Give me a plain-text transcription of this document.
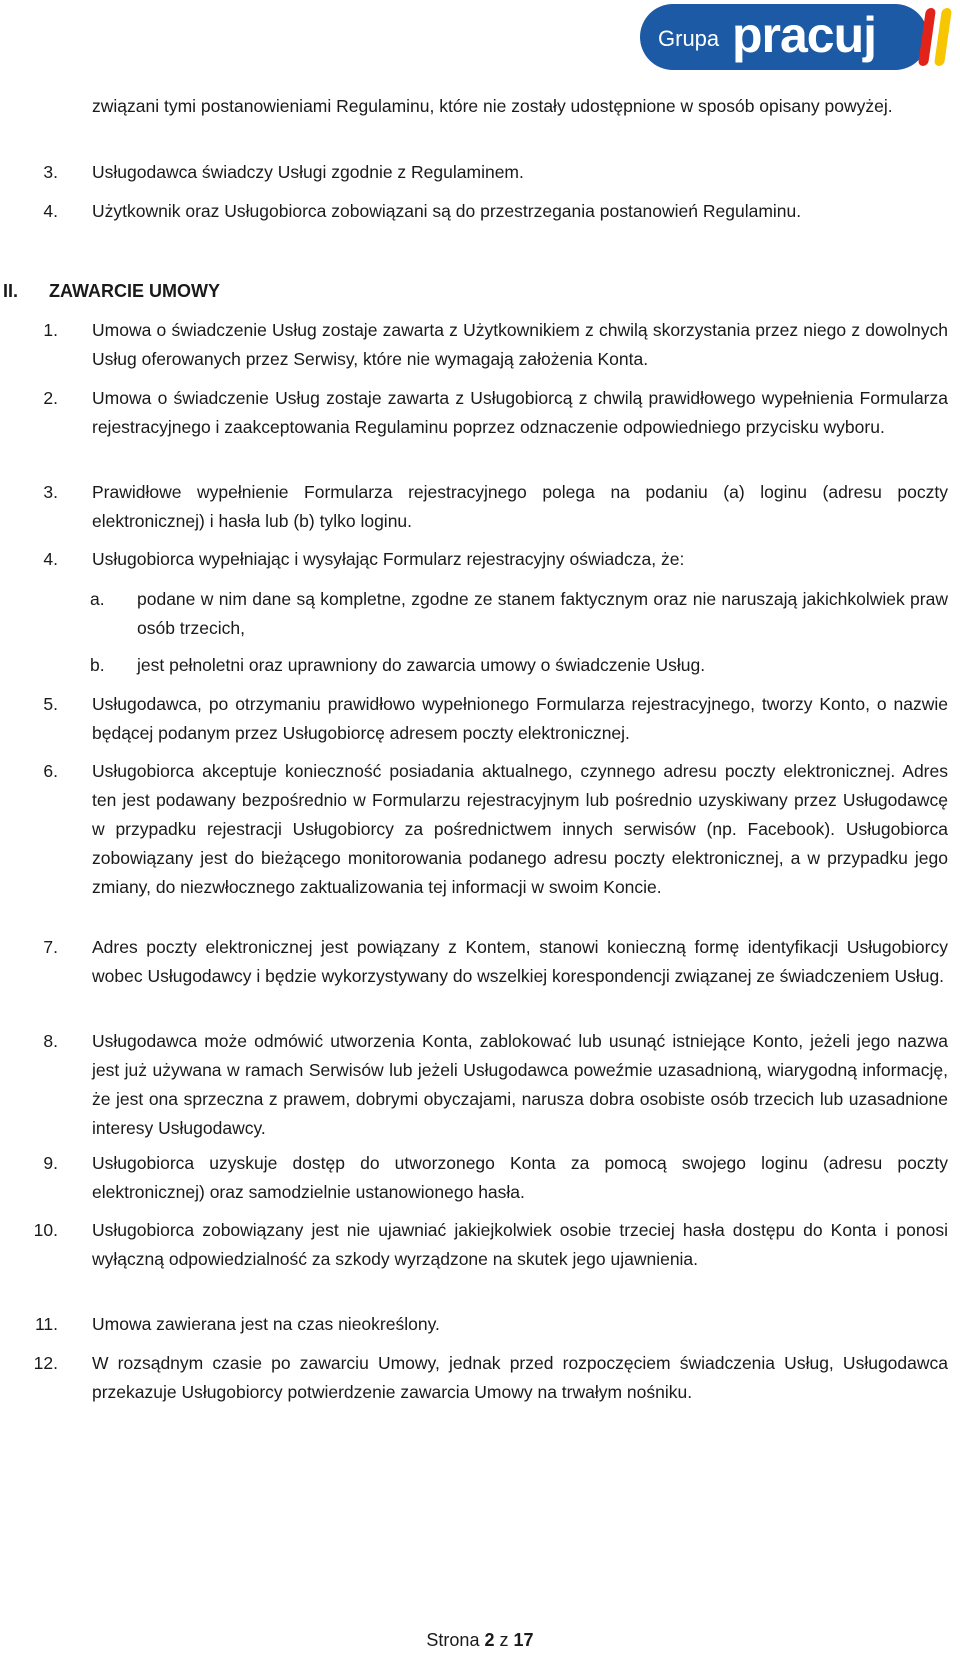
Grupa pracuj
związani tymi postanowieniami Regulaminu, które nie zostały udostępnione w sposób opisany powyżej.
3. Usługodawca świadczy Usługi zgodnie z Regulaminem.
4. Użytkownik oraz Usługobiorca zobowiązani są do przestrzegania postanowień Regulaminu.
II. ZAWARCIE UMOWY
1. Umowa o świadczenie Usług zostaje zawarta z Użytkownikiem z chwilą skorzystania przez niego z dowolnych Usług oferowanych przez Serwisy, które nie wymagają założenia Konta.
2. Umowa o świadczenie Usług zostaje zawarta z Usługobiorcą z chwilą prawidłowego wypełnienia Formularza rejestracyjnego i zaakceptowania Regulaminu poprzez odznaczenie odpowiedniego przycisku wyboru.
3. Prawidłowe wypełnienie Formularza rejestracyjnego polega na podaniu (a) loginu (adresu poczty elektronicznej) i hasła lub (b) tylko loginu.
4. Usługobiorca wypełniając i wysyłając Formularz rejestracyjny oświadcza, że:
a. podane w nim dane są kompletne, zgodne ze stanem faktycznym oraz nie naruszają jakichkolwiek praw osób trzecich,
b. jest pełnoletni oraz uprawniony do zawarcia umowy o świadczenie Usług.
5. Usługodawca, po otrzymaniu prawidłowo wypełnionego Formularza rejestracyjnego, tworzy Konto, o nazwie będącej podanym przez Usługobiorcę adresem poczty elektronicznej.
6. Usługobiorca akceptuje konieczność posiadania aktualnego, czynnego adresu poczty elektronicznej. Adres ten jest podawany bezpośrednio w Formularzu rejestracyjnym lub pośrednio uzyskiwany przez Usługodawcę w przypadku rejestracji Usługobiorcy za pośrednictwem innych serwisów (np. Facebook). Usługobiorca zobowiązany jest do bieżącego monitorowania podanego adresu poczty elektronicznej, a w przypadku jego zmiany, do niezwłocznego zaktualizowania tej informacji w swoim Koncie.
7. Adres poczty elektronicznej jest powiązany z Kontem, stanowi konieczną formę identyfikacji Usługobiorcy wobec Usługodawcy i będzie wykorzystywany do wszelkiej korespondencji związanej ze świadczeniem Usług.
8. Usługodawca może odmówić utworzenia Konta, zablokować lub usunąć istniejące Konto, jeżeli jego nazwa jest już używana w ramach Serwisów lub jeżeli Usługodawca poweźmie uzasadnioną, wiarygodną informację, że jest ona sprzeczna z prawem, dobrymi obyczajami, narusza dobra osobiste osób trzecich lub uzasadnione interesy Usługodawcy.
9. Usługobiorca uzyskuje dostęp do utworzonego Konta za pomocą swojego loginu (adresu poczty elektronicznej) oraz samodzielnie ustanowionego hasła.
10. Usługobiorca zobowiązany jest nie ujawniać jakiejkolwiek osobie trzeciej hasła dostępu do Konta i ponosi wyłączną odpowiedzialność za szkody wyrządzone na skutek jego ujawnienia.
11. Umowa zawierana jest na czas nieokreślony.
12. W rozsądnym czasie po zawarciu Umowy, jednak przed rozpoczęciem świadczenia Usług, Usługodawca przekazuje Usługobiorcy potwierdzenie zawarcia Umowy na trwałym nośniku.
Strona 2 z 17
